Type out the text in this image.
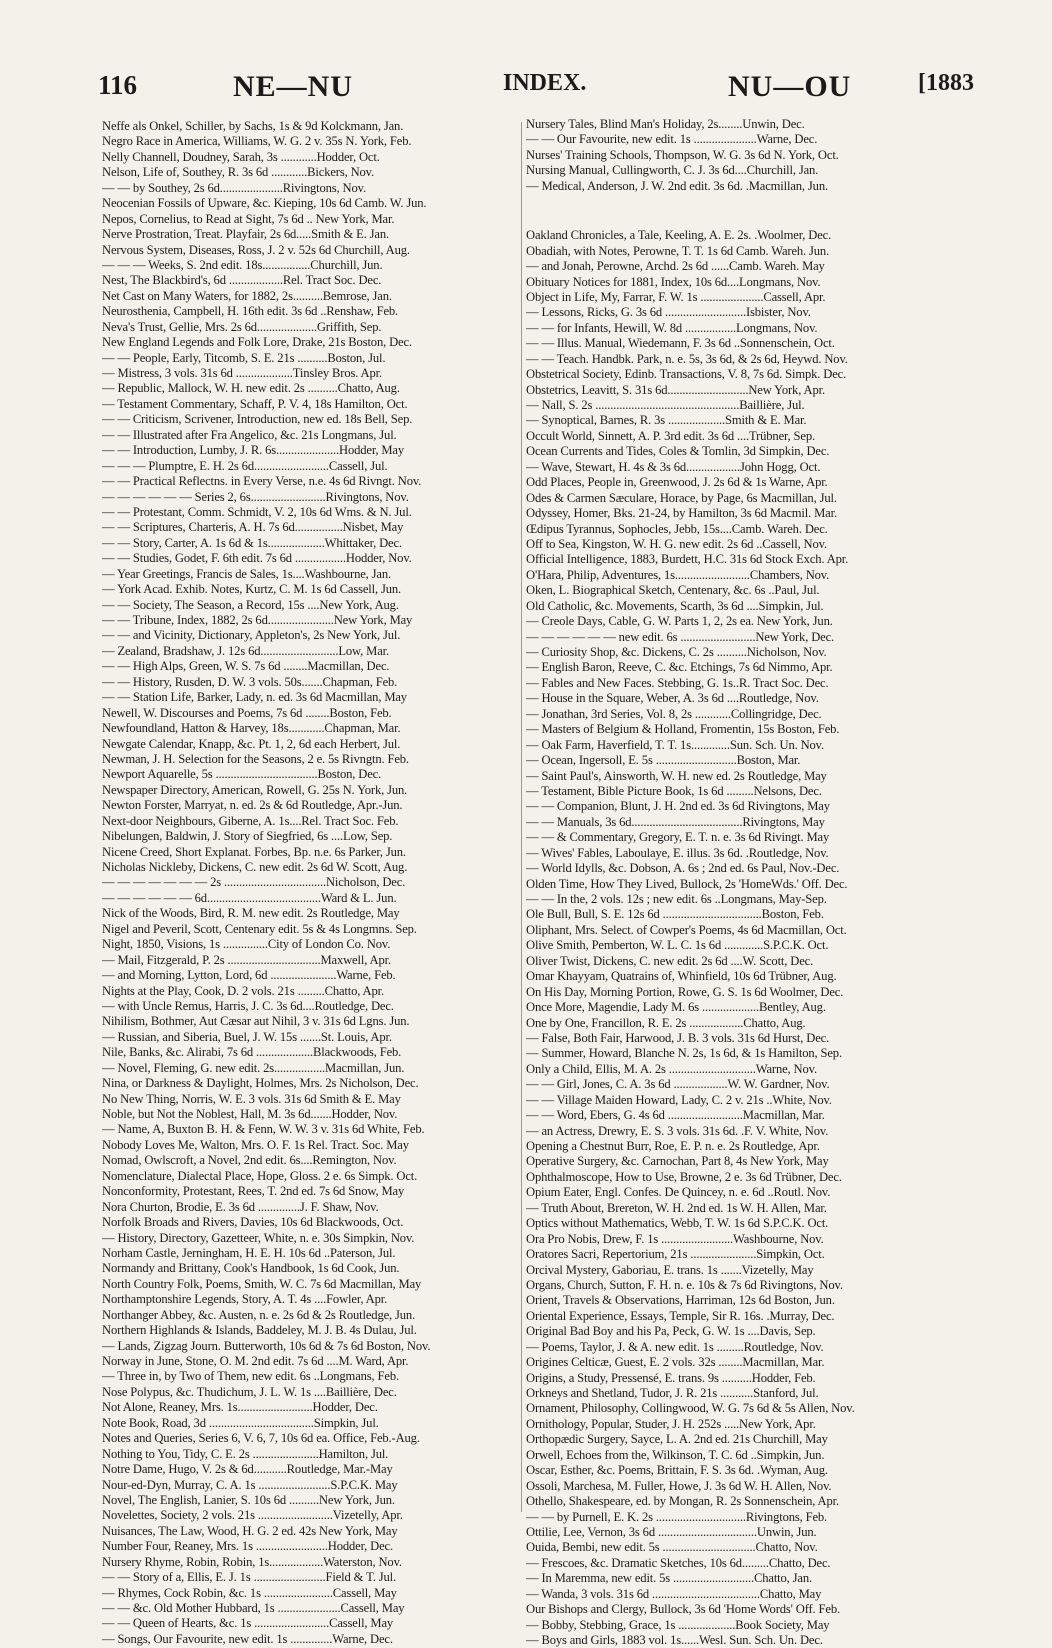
116	NE—NU	INDEX.	NU—OU	[1883
Neffe als Onkel, Schiller, by Sachs, 1s & 9d Kolckmann, Jan.
Negro Race in America, Williams, W. G. 2 v. 35s N. York, Feb.
Nelly Channell, Doudney, Sarah, 3s ............Hodder, Oct.
Nelson, Life of, Southey, R. 3s 6d ............Bickers, Nov.
— — by Southey, 2s 6d.....................Rivingtons, Nov.
Neocenian Fossils of Upware, &c. Kieping, 10s 6d Camb. W. Jun.
Nepos, Cornelius, to Read at Sight, 7s 6d .. New York, Mar.
Nerve Prostration, Treat. Playfair, 2s 6d.....Smith & E. Jan.
Nervous System, Diseases, Ross, J. 2 v. 52s 6d Churchill, Aug.
— — — Weeks, S. 2nd edit. 18s................Churchill, Jun.
Nest, The Blackbird's, 6d ..................Rel. Tract Soc. Dec.
Net Cast on Many Waters, for 1882, 2s..........Bemrose, Jan.
Neurosthenia, Campbell, H. 16th edit. 3s 6d ..Renshaw, Feb.
Neva's Trust, Gellie, Mrs. 2s 6d....................Griffith, Sep.
New England Legends and Folk Lore, Drake, 21s Boston, Dec.
— — People, Early, Titcomb, S. E. 21s ..........Boston, Jul.
— Mistress, 3 vols. 31s 6d ...................Tinsley Bros. Apr.
— Republic, Mallock, W. H. new edit. 2s ..........Chatto, Aug.
— Testament Commentary, Schaff, P. V. 4, 18s Hamilton, Oct.
— — Criticism, Scrivener, Introduction, new ed. 18s Bell, Sep.
— — Illustrated after Fra Angelico, &c. 21s Longmans, Jul.
— — Introduction, Lumby, J. R. 6s.....................Hodder, May
— — — Plumptre, E. H. 2s 6d.........................Cassell, Jul.
— — Practical Reflectns. in Every Verse, n.e. 4s 6d Rivngt. Nov.
— — — — — — Series 2, 6s.........................Rivingtons, Nov.
— — Protestant, Comm. Schmidt, V. 2, 10s 6d Wms. & N. Jul.
— — Scriptures, Charteris, A. H. 7s 6d................Nisbet, May
— — Story, Carter, A. 1s 6d & 1s...................Whittaker, Dec.
— — Studies, Godet, F. 6th edit. 7s 6d .................Hodder, Nov.
— Year Greetings, Francis de Sales, 1s....Washbourne, Jan.
— York Acad. Exhib. Notes, Kurtz, C. M. 1s 6d Cassell, Jun.
— — Society, The Season, a Record, 15s ....New York, Aug.
— — Tribune, Index, 1882, 2s 6d......................New York, May
— — and Vicinity, Dictionary, Appleton's, 2s New York, Jul.
— Zealand, Bradshaw, J. 12s 6d..........................Low, Mar.
— — High Alps, Green, W. S. 7s 6d ........Macmillan, Dec.
— — History, Rusden, D. W. 3 vols. 50s.......Chapman, Feb.
— — Station Life, Barker, Lady, n. ed. 3s 6d Macmillan, May
Newell, W. Discourses and Poems, 7s 6d ........Boston, Feb.
Newfoundland, Hatton & Harvey, 18s............Chapman, Mar.
Newgate Calendar, Knapp, &c. Pt. 1, 2, 6d each Herbert, Jul.
Newman, J. H. Selection for the Seasons, 2 e. 5s Rivngtn. Feb.
Newport Aquarelle, 5s ..................................Boston, Dec.
Newspaper Directory, American, Rowell, G. 25s N. York, Jun.
Newton Forster, Marryat, n. ed. 2s & 6d Routledge, Apr.-Jun.
Next-door Neighbours, Giberne, A. 1s....Rel. Tract Soc. Feb.
Nibelungen, Baldwin, J. Story of Siegfried, 6s ....Low, Sep.
Nicene Creed, Short Explanat. Forbes, Bp. n.e. 6s Parker, Jun.
Nicholas Nickleby, Dickens, C. new edit. 2s 6d W. Scott, Aug.
— — — — — — — 2s ..................................Nicholson, Dec.
— — — — — — 6d......................................Ward & L. Jun.
Nick of the Woods, Bird, R. M. new edit. 2s Routledge, May
Nigel and Peveril, Scott, Centenary edit. 5s & 4s Longmns. Sep.
Night, 1850, Visions, 1s ...............City of London Co. Nov.
— Mail, Fitzgerald, P. 2s ...............................Maxwell, Apr.
— and Morning, Lytton, Lord, 6d ......................Warne, Feb.
Nights at the Play, Cook, D. 2 vols. 21s .........Chatto, Apr.
— with Uncle Remus, Harris, J. C. 3s 6d....Routledge, Dec.
Nihilism, Bothmer, Aut Cæsar aut Nihil, 3 v. 31s 6d Lgns. Jun.
— Russian, and Siberia, Buel, J. W. 15s .......St. Louis, Apr.
Nile, Banks, &c. Alirabi, 7s 6d ...................Blackwoods, Feb.
— Novel, Fleming, G. new edit. 2s.................Macmillan, Jun.
Nina, or Darkness & Daylight, Holmes, Mrs. 2s Nicholson, Dec.
No New Thing, Norris, W. E. 3 vols. 31s 6d Smith & E. May
Noble, but Not the Noblest, Hall, M. 3s 6d.......Hodder, Nov.
— Name, A, Buxton B. H. & Fenn, W. W. 3 v. 31s 6d White, Feb.
Nobody Loves Me, Walton, Mrs. O. F. 1s Rel. Tract. Soc. May
Nomad, Owlscroft, a Novel, 2nd edit. 6s....Remington, Nov.
Nomenclature, Dialectal Place, Hope, Gloss. 2 e. 6s Simpk. Oct.
Nonconformity, Protestant, Rees, T. 2nd ed. 7s 6d Snow, May
Nora Churton, Brodie, E. 3s 6d ..............J. F. Shaw, Nov.
Norfolk Broads and Rivers, Davies, 10s 6d Blackwoods, Oct.
— History, Directory, Gazetteer, White, n. e. 30s Simpkin, Nov.
Norham Castle, Jerningham, H. E. H. 10s 6d ..Paterson, Jul.
Normandy and Brittany, Cook's Handbook, 1s 6d Cook, Jun.
North Country Folk, Poems, Smith, W. C. 7s 6d Macmillan, May
Northamptonshire Legends, Story, A. T. 4s ....Fowler, Apr.
Northanger Abbey, &c. Austen, n. e. 2s 6d & 2s Routledge, Jun.
Northern Highlands & Islands, Baddeley, M. J. B. 4s Dulau, Jul.
— Lands, Zigzag Journ. Butterworth, 10s 6d & 7s 6d Boston, Nov.
Norway in June, Stone, O. M. 2nd edit. 7s 6d ....M. Ward, Apr.
— Three in, by Two of Them, new edit. 6s ..Longmans, Feb.
Nose Polypus, &c. Thudichum, J. L. W. 1s ....Baillière, Dec.
Not Alone, Reaney, Mrs. 1s.........................Hodder, Dec.
Note Book, Road, 3d ...................................Simpkin, Jul.
Notes and Queries, Series 6, V. 6, 7, 10s 6d ea. Office, Feb.-Aug.
Nothing to You, Tidy, C. E. 2s ......................Hamilton, Jul.
Notre Dame, Hugo, V. 2s & 6d...........Routledge, Mar.-May
Nour-ed-Dyn, Murray, C. A. 1s ........................S.P.C.K. May
Novel, The English, Lanier, S. 10s 6d ..........New York, Jun.
Novelettes, Society, 2 vols. 21s .........................Vizetelly, Apr.
Nuisances, The Law, Wood, H. G. 2 ed. 42s New York, May
Number Four, Reaney, Mrs. 1s ........................Hodder, Dec.
Nursery Rhyme, Robin, Robin, 1s..................Waterston, Nov.
— — Story of a, Ellis, E. J. 1s ........................Field & T. Jul.
— Rhymes, Cock Robin, &c. 1s .......................Cassell, May
— — &c. Old Mother Hubbard, 1s .....................Cassell, May
— — Queen of Hearts, &c. 1s .........................Cassell, May
— Songs, Our Favourite, new edit. 1s ..............Warne, Dec.
Nursery Tales, Blind Man's Holiday, 2s........Unwin, Dec.
— — Our Favourite, new edit. 1s .....................Warne, Dec.
Nurses' Training Schools, Thompson, W. G. 3s 6d N. York, Oct.
Nursing Manual, Cullingworth, C. J. 3s 6d....Churchill, Jan.
— Medical, Anderson, J. W. 2nd edit. 3s 6d. .Macmillan, Jun.
Oakland Chronicles, a Tale, Keeling, A. E. 2s. .Woolmer, Dec.
Obadiah, with Notes, Perowne, T. T. 1s 6d Camb. Wareh. Jun.
— and Jonah, Perowne, Archd. 2s 6d ......Camb. Wareh. May
Obituary Notices for 1881, Index, 10s 6d....Longmans, Nov.
Object in Life, My, Farrar, F. W. 1s .....................Cassell, Apr.
— Lessons, Ricks, G. 3s 6d ...........................Isbister, Nov.
— — for Infants, Hewill, W. 8d .................Longmans, Nov.
— — Illus. Manual, Wiedemann, F. 3s 6d ..Sonnenschein, Oct.
— — Teach. Handbk. Park, n. e. 5s, 3s 6d, & 2s 6d, Heywd. Nov.
Obstetrical Society, Edinb. Transactions, V. 8, 7s 6d. Simpk. Dec.
Obstetrics, Leavitt, S. 31s 6d...........................New York, Apr.
— Nall, S. 2s ................................................Baillière, Jul.
— Synoptical, Barnes, R. 3s ...................Smith & E. Mar.
Occult World, Sinnett, A. P. 3rd edit. 3s 6d ....Trübner, Sep.
Ocean Currents and Tides, Coles & Tomlin, 3d Simpkin, Dec.
— Wave, Stewart, H. 4s & 3s 6d..................John Hogg, Oct.
Odd Places, People in, Greenwood, J. 2s 6d & 1s Warne, Apr.
Odes & Carmen Sæculare, Horace, by Page, 6s Macmillan, Jul.
Odyssey, Homer, Bks. 21-24, by Hamilton, 3s 6d Macmil. Mar.
Œdipus Tyrannus, Sophocles, Jebb, 15s....Camb. Wareh. Dec.
Off to Sea, Kingston, W. H. G. new edit. 2s 6d ..Cassell, Nov.
Official Intelligence, 1883, Burdett, H.C. 31s 6d Stock Exch. Apr.
O'Hara, Philip, Adventures, 1s.........................Chambers, Nov.
Oken, L. Biographical Sketch, Centenary, &c. 6s ..Paul, Jul.
Old Catholic, &c. Movements, Scarth, 3s 6d ....Simpkin, Jul.
— Creole Days, Cable, G. W. Parts 1, 2, 2s ea. New York, Jun.
— — — — — — new edit. 6s .........................New York, Dec.
— Curiosity Shop, &c. Dickens, C. 2s ..........Nicholson, Nov.
— English Baron, Reeve, C. &c. Etchings, 7s 6d Nimmo, Apr.
— Fables and New Faces. Stebbing, G. 1s..R. Tract Soc. Dec.
— House in the Square, Weber, A. 3s 6d ....Routledge, Nov.
— Jonathan, 3rd Series, Vol. 8, 2s ............Collingridge, Dec.
— Masters of Belgium & Holland, Fromentin, 15s Boston, Feb.
— Oak Farm, Haverfield, T. T. 1s.............Sun. Sch. Un. Nov.
— Ocean, Ingersoll, E. 5s ...........................Boston, Mar.
— Saint Paul's, Ainsworth, W. H. new ed. 2s Routledge, May
— Testament, Bible Picture Book, 1s 6d .........Nelsons, Dec.
— — Companion, Blunt, J. H. 2nd ed. 3s 6d Rivingtons, May
— — Manuals, 3s 6d.....................................Rivingtons, May
— — & Commentary, Gregory, E. T. n. e. 3s 6d Rivingt. May
— Wives' Fables, Laboulaye, E. illus. 3s 6d. .Routledge, Nov.
— World Idylls, &c. Dobson, A. 6s ; 2nd ed. 6s Paul, Nov.-Dec.
Olden Time, How They Lived, Bullock, 2s 'HomeWds.' Off. Dec.
— — In the, 2 vols. 12s ; new edit. 6s ..Longmans, May-Sep.
Ole Bull, Bull, S. E. 12s 6d .................................Boston, Feb.
Oliphant, Mrs. Select. of Cowper's Poems, 4s 6d Macmillan, Oct.
Olive Smith, Pemberton, W. L. C. 1s 6d .............S.P.C.K. Oct.
Oliver Twist, Dickens, C. new edit. 2s 6d ....W. Scott, Dec.
Omar Khayyam, Quatrains of, Whinfield, 10s 6d Trübner, Aug.
On His Day, Morning Portion, Rowe, G. S. 1s 6d Woolmer, Dec.
Once More, Magendie, Lady M. 6s ...................Bentley, Aug.
One by One, Francillon, R. E. 2s ..................Chatto, Aug.
— False, Both Fair, Harwood, J. B. 3 vols. 31s 6d Hurst, Dec.
— Summer, Howard, Blanche N. 2s, 1s 6d, & 1s Hamilton, Sep.
Only a Child, Ellis, M. A. 2s .............................Warne, Nov.
— — Girl, Jones, C. A. 3s 6d ..................W. W. Gardner, Nov.
— — Village Maiden Howard, Lady, C. 2 v. 21s ..White, Nov.
— — Word, Ebers, G. 4s 6d .........................Macmillan, Mar.
— an Actress, Drewry, E. S. 3 vols. 31s 6d. .F. V. White, Nov.
Opening a Chestnut Burr, Roe, E. P. n. e. 2s Routledge, Apr.
Operative Surgery, &c. Carnochan, Part 8, 4s New York, May
Ophthalmoscope, How to Use, Browne, 2 e. 3s 6d Trübner, Dec.
Opium Eater, Engl. Confes. De Quincey, n. e. 6d ..Routl. Nov.
— Truth About, Brereton, W. H. 2nd ed. 1s W. H. Allen, Mar.
Optics without Mathematics, Webb, T. W. 1s 6d S.P.C.K. Oct.
Ora Pro Nobis, Drew, F. 1s ........................Washbourne, Nov.
Oratores Sacri, Repertorium, 21s ......................Simpkin, Oct.
Orcival Mystery, Gaboriau, E. trans. 1s .......Vizetelly, May
Organs, Church, Sutton, F. H. n. e. 10s & 7s 6d Rivingtons, Nov.
Orient, Travels & Observations, Harriman, 12s 6d Boston, Jun.
Oriental Experience, Essays, Temple, Sir R. 16s. .Murray, Dec.
Original Bad Boy and his Pa, Peck, G. W. 1s ....Davis, Sep.
— Poems, Taylor, J. & A. new edit. 1s .........Routledge, Nov.
Origines Celticæ, Guest, E. 2 vols. 32s ........Macmillan, Mar.
Origins, a Study, Pressensé, E. trans. 9s ..........Hodder, Feb.
Orkneys and Shetland, Tudor, J. R. 21s ...........Stanford, Jul.
Ornament, Philosophy, Collingwood, W. G. 7s 6d & 5s Allen, Nov.
Ornithology, Popular, Studer, J. H. 252s .....New York, Apr.
Orthopædic Surgery, Sayce, L. A. 2nd ed. 21s Churchill, May
Orwell, Echoes from the, Wilkinson, T. C. 6d ..Simpkin, Jun.
Oscar, Esther, &c. Poems, Brittain, F. S. 3s 6d. .Wyman, Aug.
Ossoli, Marchesa, M. Fuller, Howe, J. 3s 6d W. H. Allen, Nov.
Othello, Shakespeare, ed. by Mongan, R. 2s Sonnenschein, Apr.
— — by Purnell, E. K. 2s ..............................Rivingtons, Feb.
Ottilie, Lee, Vernon, 3s 6d .................................Unwin, Jun.
Ouida, Bembi, new edit. 5s ...............................Chatto, Nov.
— Frescoes, &c. Dramatic Sketches, 10s 6d.........Chatto, Dec.
— In Maremma, new edit. 5s ...........................Chatto, Jan.
— Wanda, 3 vols. 31s 6d ....................................Chatto, May
Our Bishops and Clergy, Bullock, 3s 6d 'Home Words' Off. Feb.
— Bobby, Stebbing, Grace, 1s ...................Book Society, May
— Boys and Girls, 1883 vol. 1s......Wesl. Sun. Sch. Un. Dec.
